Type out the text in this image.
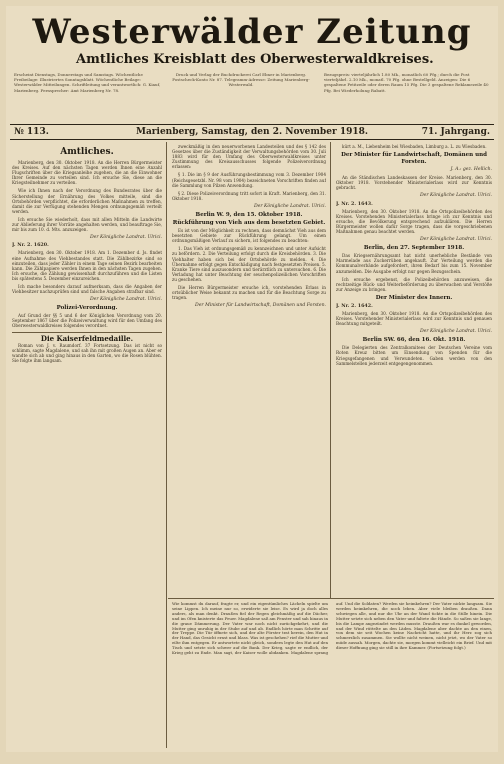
Westerwälder Zeitung
Amtliches Kreisblatt des Oberwesterwaldkreises.
Erscheint Dienstags, Donnerstags und Samstags. Wöchentliche Freibeilage: Illustriertes Sonntagsblatt. Wöchentliche Beilage: Westerwälder Mitteilungen. Schriftleitung und verantwortlich: G. Kiauf, Marienberg. Fernsprecher: Amt Marienberg Nr. 78.
Druck und Verlag der Buchdruckerei Carl Ebner in Marienberg. Postscheck-Konto Nr. 87. Telegramm-Adresse: Zeitung Marienberg-Westerwald.
Bezugspreis: vierteljährlich 1.80 Mk., monatlich 60 Pfg.; durch die Post vierteljährl. 2.10 Mk., monatl. 70 Pfg. ohne Bestellgeld. Anzeigen: Die 6 gespaltene Petitzeile oder deren Raum 15 Pfg. Die 3 gespaltene Reklamezeile 40 Pfg. Bei Wiederholung Rabatt.
№ 113.	Marienberg, Samstag, den 2. November 1918.	71. Jahrgang.
Amtliches.
Marienberg, den 30. Oktober 1918. An die Herren Bürgermeister des Kreises. Auf den nächsten Tagen werden Ihnen eine Anzahl Flugschriften über die Kriegsanleihe zugehen, die an die Einwohner Ihrer Gemeinde zu verteilen sind. Ich ersuche Sie, diese an die Kriegsteilnehmer zu verteilen.
Wie ich Ihnen nach der Verordnung des Bundesrates über die Sicherstellung der Ernährung des Volkes mitteile, sind die Ortsbehörden verpflichtet, die erforderlichen Maßnahmen zu treffen, damit die zur Verfügung stehenden Mengen ordnungsgemäß verteilt werden.
Ich ersuche Sie wiederholt, dass mit allen Mitteln die Landwirte zur Ablieferung ihrer Vorräte angehalten werden, und beauftrage Sie, mir bis zum 10. d. Mts. anzuzeigen.
Der Königliche Landrat. Ulrici.
J. Nr. 2. 1620.
Marienberg, den 30. Oktober 1918. Am 1. Dezember d. Js. findet eine Aufnahme des Viehbestandes statt. Die Zählbezirke sind so einzuteilen, dass jeder Zähler in einem Tage seinen Bezirk bearbeiten kann. Die Zählpapiere werden Ihnen in den nächsten Tagen zugehen. Ich ersuche, die Zählung gewissenhaft durchzuführen und die Listen bis spätestens 5. Dezember einzureichen.
Ich mache besonders darauf aufmerksam, dass die Angaben der Viehbesitzer nachzuprüfen sind und falsche Angaben strafbar sind.
Der Königliche Landrat. Ulrici.
Polizei-Verordnung.
Auf Grund der §§ 5 und 6 der Königlichen Verordnung vom 20. September 1867 über die Polizeiverwaltung wird für den Umfang des Oberwesterwaldkreises folgendes verordnet.
Die Kaiserfeldmedaille.
Roman von J. v. Raumdorf. 37 Fortsetzung. Das ist nicht so schlimm, sagte Magdalene, und sah ihn mit großen Augen an. Aber er wandte sich ab und ging hinaus in den Garten, wo die Rosen blühten. Sie folgte ihm langsam.
zweckmäßig in den neuerworbenen Landesteilen und des § 142 des Gesetzes über die Zuständigkeit der Verwaltungsbehörden vom 30. Juli 1883 wird für den Umfang des Oberwesterwaldkreises unter Zustimmung des Kreisausschusses folgende Polizeiverordnung erlassen:
§ 1. Die im § 9 der Ausführungsbestimmung vom 3. Dezember 1904 (Reichsgesetzbl. Nr. 98 vom 1904) bezeichneten Vorschriften finden auf die Sammlung von Pilzen Anwendung.
§ 2. Diese Polizeiverordnung tritt sofort in Kraft. Marienberg, den 31. Oktober 1918.
Der Königliche Landrat. Ulrici.
Berlin W. 9, den 15. Oktober 1918.
Rückführung von Vieh aus dem besetzten Gebiet.
Es ist von der Möglichkeit zu rechnen, dass demnächst Vieh aus dem besetzten Gebiete zur Rückführung gelangt. Um einen ordnungsmäßigen Verlauf zu sichern, ist folgendes zu beachten:
1. Das Vieh ist ordnungsgemäß zu kennzeichnen und unter Aufsicht zu befördern. 2. Die Verteilung erfolgt durch die Kreisbehörden. 3. Die Viehhalter haben sich bei der Ortsbehörde zu melden. 4. Die Übernahme erfolgt gegen Entschädigung nach festgesetzten Preisen. 5. Kranke Tiere sind auszusondern und tierärztlich zu untersuchen. 6. Die Verladung hat unter Beachtung der seuchenpolizeilichen Vorschriften zu geschehen.
Die Herren Bürgermeister ersuche ich, vorstehenden Erlass in ortsüblicher Weise bekannt zu machen und für die Beachtung Sorge zu tragen.
Der Minister für Landwirtschaft, Domänen und Forsten.
kürt a. M., Liebenheim bei Wiesbaden, Limburg a. L. zu Wiesbaden.
Der Minister für Landwirtschaft, Domänen und Forsten.
J. A.: gez. Hellich.
An die Ständischen Landeskassen der Kreise. Marienberg, den 30. Oktober 1918. Vorstehender Ministerialerlass wird zur Kenntnis gebracht.
Der Königliche Landrat. Ulrici.
J. Nr. 2. 1643.
Marienberg, den 30. Oktober 1918. An die Ortspolizeibehörden des Kreises. Vorstehenden Ministerialerlass bringe ich zur Kenntnis und ersuche, die Bevölkerung entsprechend aufzuklären. Die Herren Bürgermeister wollen dafür Sorge tragen, dass die vorgeschriebenen Maßnahmen genau beachtet werden.
Der Königliche Landrat. Ulrici.
Berlin, den 27. September 1918.
Das Kriegsernährungsamt hat nicht unerhebliche Bestände von Marmelade aus Zuckerrüben angekauft. Zur Verteilung werden die Kommunalverbände aufgefordert, ihren Bedarf bis zum 15. November anzumelden. Die Ausgabe erfolgt nur gegen Bezugsschein.
Ich ersuche ergebenst, die Polizeibehörden anzuweisen, die rechtzeitige Rück- und Weiterbeförderung zu überwachen und Verstöße zur Anzeige zu bringen.
Der Minister des Innern.
J. Nr. 2. 1642.
Marienberg, den 30. Oktober 1918. An die Ortspolizeibehörden des Kreises. Vorstehender Ministerialerlass wird zur Kenntnis und genauen Beachtung mitgeteilt.
Der Königliche Landrat. Ulrici.
Berlin SW. 66, den 16. Okt. 1918.
Die Delegierten des Zentralkomitees der Deutschen Vereine vom Roten Kreuz bitten um Einsendung von Spenden für die Kriegsgefangenen und Verwundeten. Gaben werden von den Sammelstellen jederzeit entgegengenommen.
Wie kommst du darauf, fragte er, und ein eigentümliches Lächeln spielte um seine Lippen. Ich meine nur so, erwiderte sie leise. Es wird ja doch alles anders, als man denkt. Draußen fiel der Regen gleichmäßig auf die Dächer, und im Ofen knisterte das Feuer. Magdalene saß am Fenster und sah hinaus in die graue Dämmerung. Der Vater war noch nicht zurückgekehrt, und die Mutter ging unruhig in der Stube auf und ab. Endlich hörte man Schritte auf der Treppe. Die Tür öffnete sich, und der alte Förster trat herein, den Hut in der Hand, das Gesicht ernst und blass. Was ist geschehen? rief die Mutter und eilte ihm entgegen. Er antwortete nicht gleich, sondern legte den Hut auf den Tisch und setzte sich schwer auf die Bank. Der Krieg, sagte er endlich, der Krieg geht zu Ende. Man sagt, der Kaiser wolle abdanken. Magdalene sprang auf. Und die Soldaten? Werden sie heimkehren? Der Vater nickte langsam. Sie werden heimkehren, die noch leben. Aber viele bleiben draußen. Dann schwiegen alle, und nur die Uhr an der Wand tickte in die Stille hinein. Die Mutter setzte sich neben den Vater und faltete die Hände. So saßen sie lange, bis die Lampe angezündet werden musste. Draußen war es dunkel geworden, und der Wind rüttelte an den Läden. Magdalene aber dachte an den einen, von dem sie seit Wochen keine Nachricht hatte, und ihr Herz zog sich schmerzlich zusammen. Sie wollte nicht weinen, nicht jetzt, wo der Vater so müde aussah. Morgen, dachte sie, morgen kommt vielleicht ein Brief. Und mit dieser Hoffnung ging sie still in ihre Kammer. (Fortsetzung folgt.)
